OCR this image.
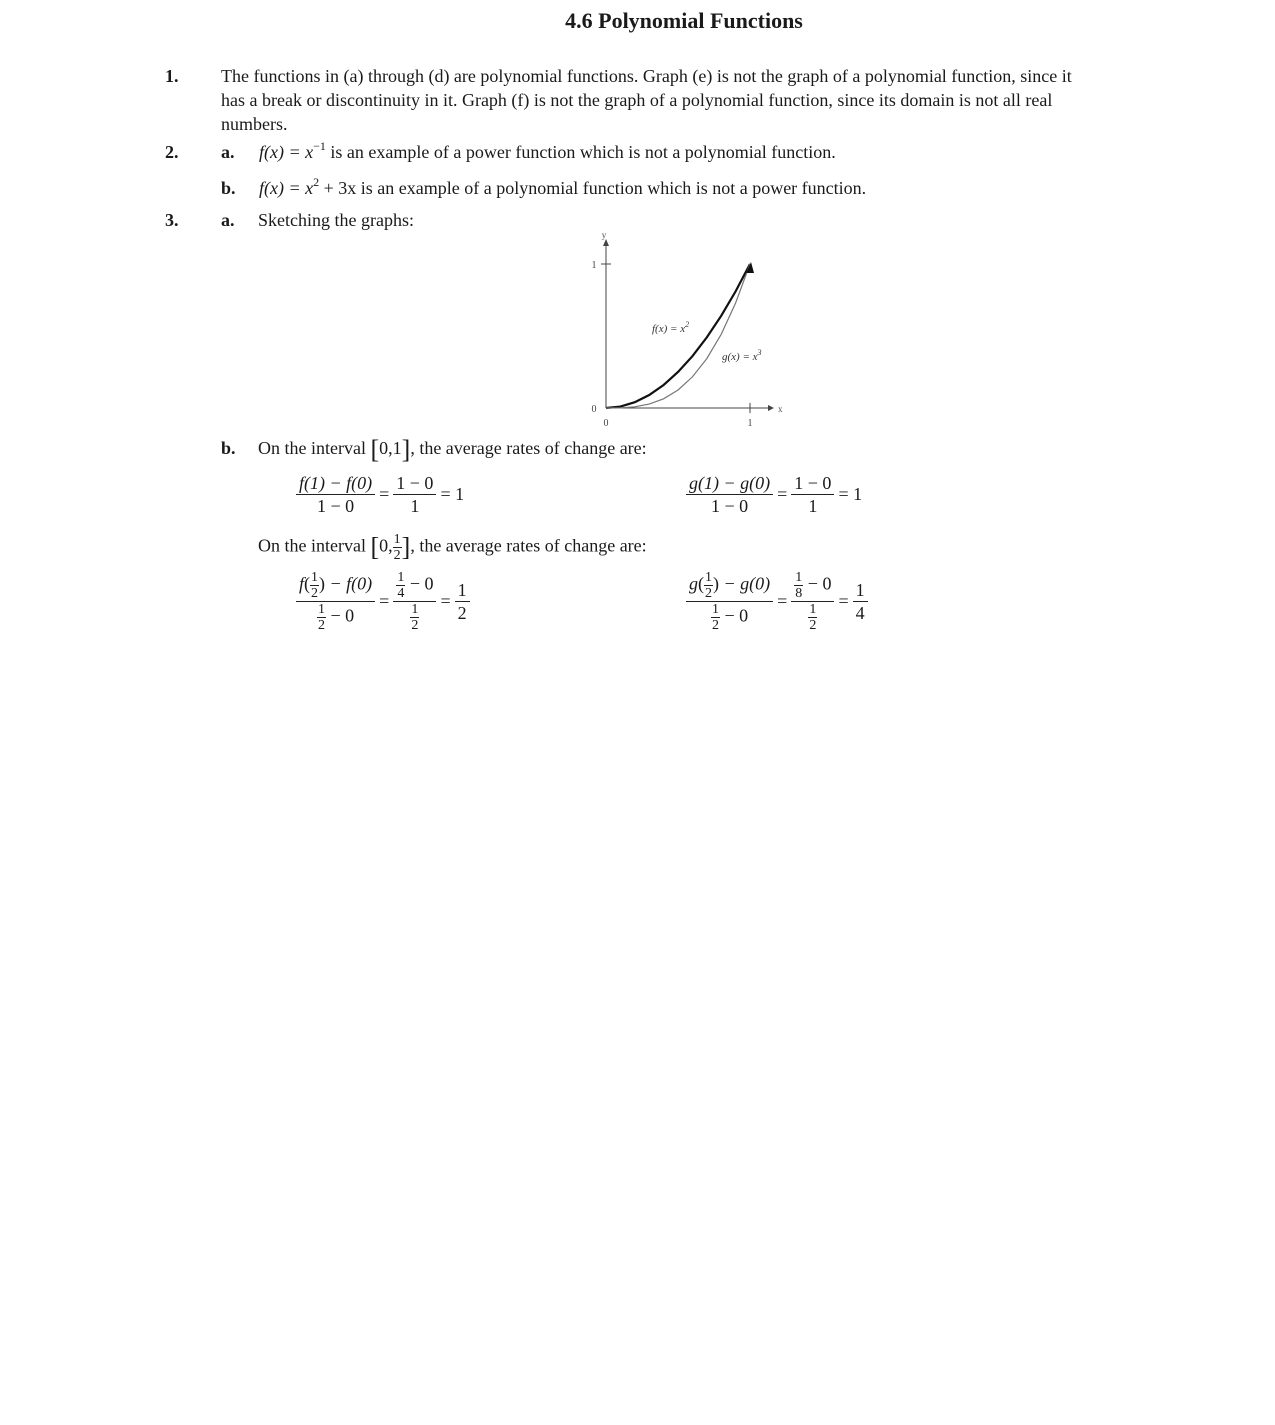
4.6 Polynomial Functions
1. The functions in (a) through (d) are polynomial functions. Graph (e) is not the graph of a polynomial function, since it
has a break or discontinuity in it. Graph (f) is not the graph of a polynomial function, since its domain is not all real
numbers.
2. a. $f(x) = x^{-1}$ is an example of a power function which is not a polynomial function.
b. $f(x) = x^2 + 3x$ is an example of a polynomial function which is not a power function.
3. a. Sketching the graphs:
x
y
0	1
0
1
$f(x) = x^2$
$g(x) = x^3$
b. On the interval [0,1], the average rates of change are:
$\frac{f(1) - f(0)}{1 - 0} = \frac{1 - 0}{1} = 1$	$\frac{g(1) - g(0)}{1 - 0} = \frac{1 - 0}{1} = 1$
On the interval [0, $\frac{1}{2}$ ], the average rates of change are:
$\frac{f( \frac{1}{2} ) - f(0)}{\frac{1}{2} - 0} = \frac{\frac{1}{4} - 0}{\frac{1}{2}} = \frac{1}{2}$	$\frac{g( \frac{1}{2} ) - g(0)}{\frac{1}{2} - 0} = \frac{\frac{1}{8} - 0}{\frac{1}{2}} = \frac{1}{4}$
